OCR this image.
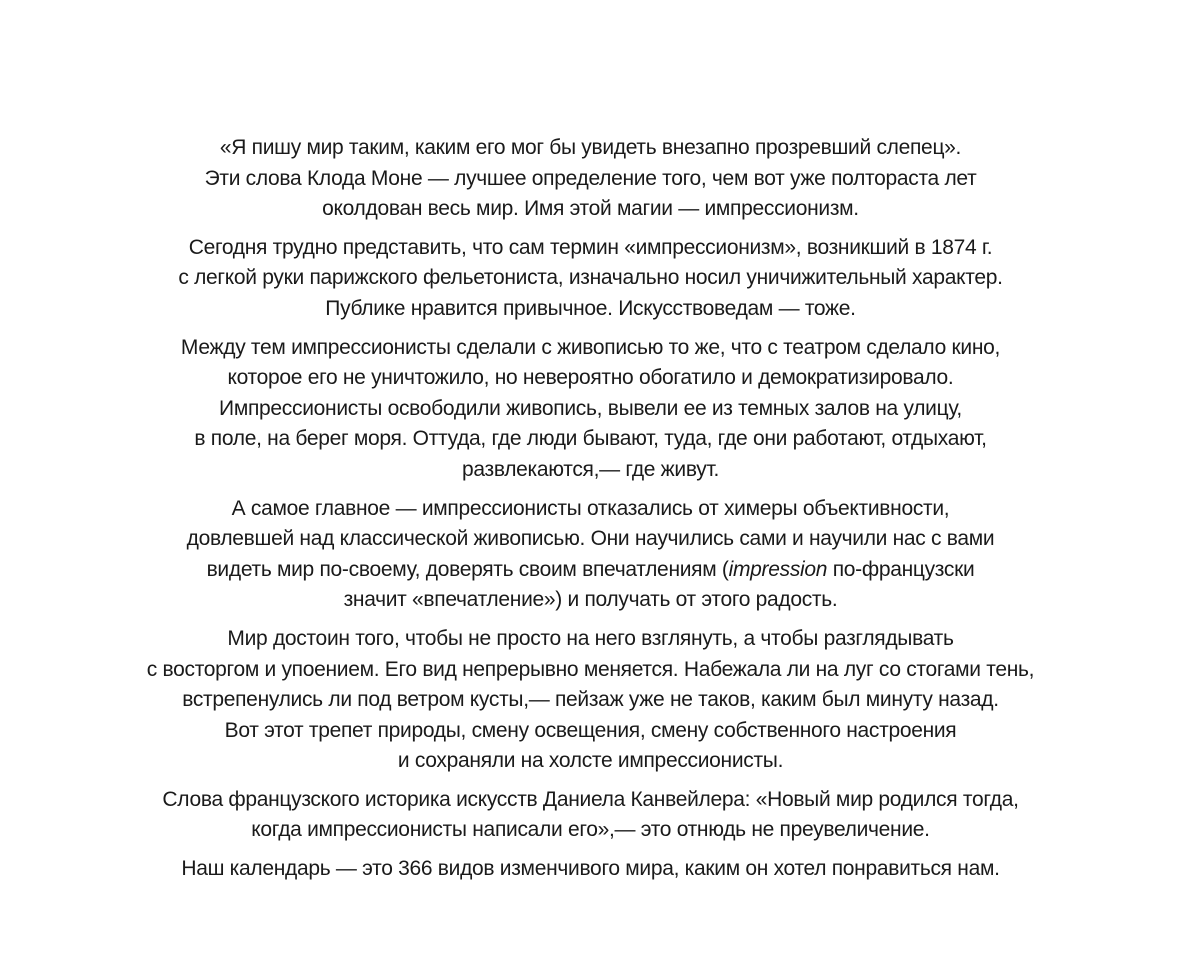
«Я пишу мир таким, каким его мог бы увидеть внезапно прозревший слепец».
Эти слова Клода Моне — лучшее определение того, чем вот уже полтораста лет
околдован весь мир. Имя этой магии — импрессионизм.

Сегодня трудно представить, что сам термин «импрессионизм», возникший в 1874 г.
с легкой руки парижского фельетониста, изначально носил уничижительный характер.
Публике нравится привычное. Искусствоведам — тоже.

Между тем импрессионисты сделали с живописью то же, что с театром сделало кино,
которое его не уничтожило, но невероятно обогатило и демократизировало.
Импрессионисты освободили живопись, вывели ее из темных залов на улицу,
в поле, на берег моря. Оттуда, где люди бывают, туда, где они работают, отдыхают,
развлекаются,— где живут.

А самое главное — импрессионисты отказались от химеры объективности,
довлевшей над классической живописью. Они научились сами и научили нас с вами
видеть мир по-своему, доверять своим впечатлениям (impression по-французски
значит «впечатление») и получать от этого радость.

Мир достоин того, чтобы не просто на него взглянуть, а чтобы разглядывать
с восторгом и упоением. Его вид непрерывно меняется. Набежала ли на луг со стогами тень,
встрепенулись ли под ветром кусты,— пейзаж уже не таков, каким был минуту назад.
Вот этот трепет природы, смену освещения, смену собственного настроения
и сохраняли на холсте импрессионисты.

Слова французского историка искусств Даниела Канвейлера: «Новый мир родился тогда,
когда импрессионисты написали его»,— это отнюдь не преувеличение.

Наш календарь — это 366 видов изменчивого мира, каким он хотел понравиться нам.
